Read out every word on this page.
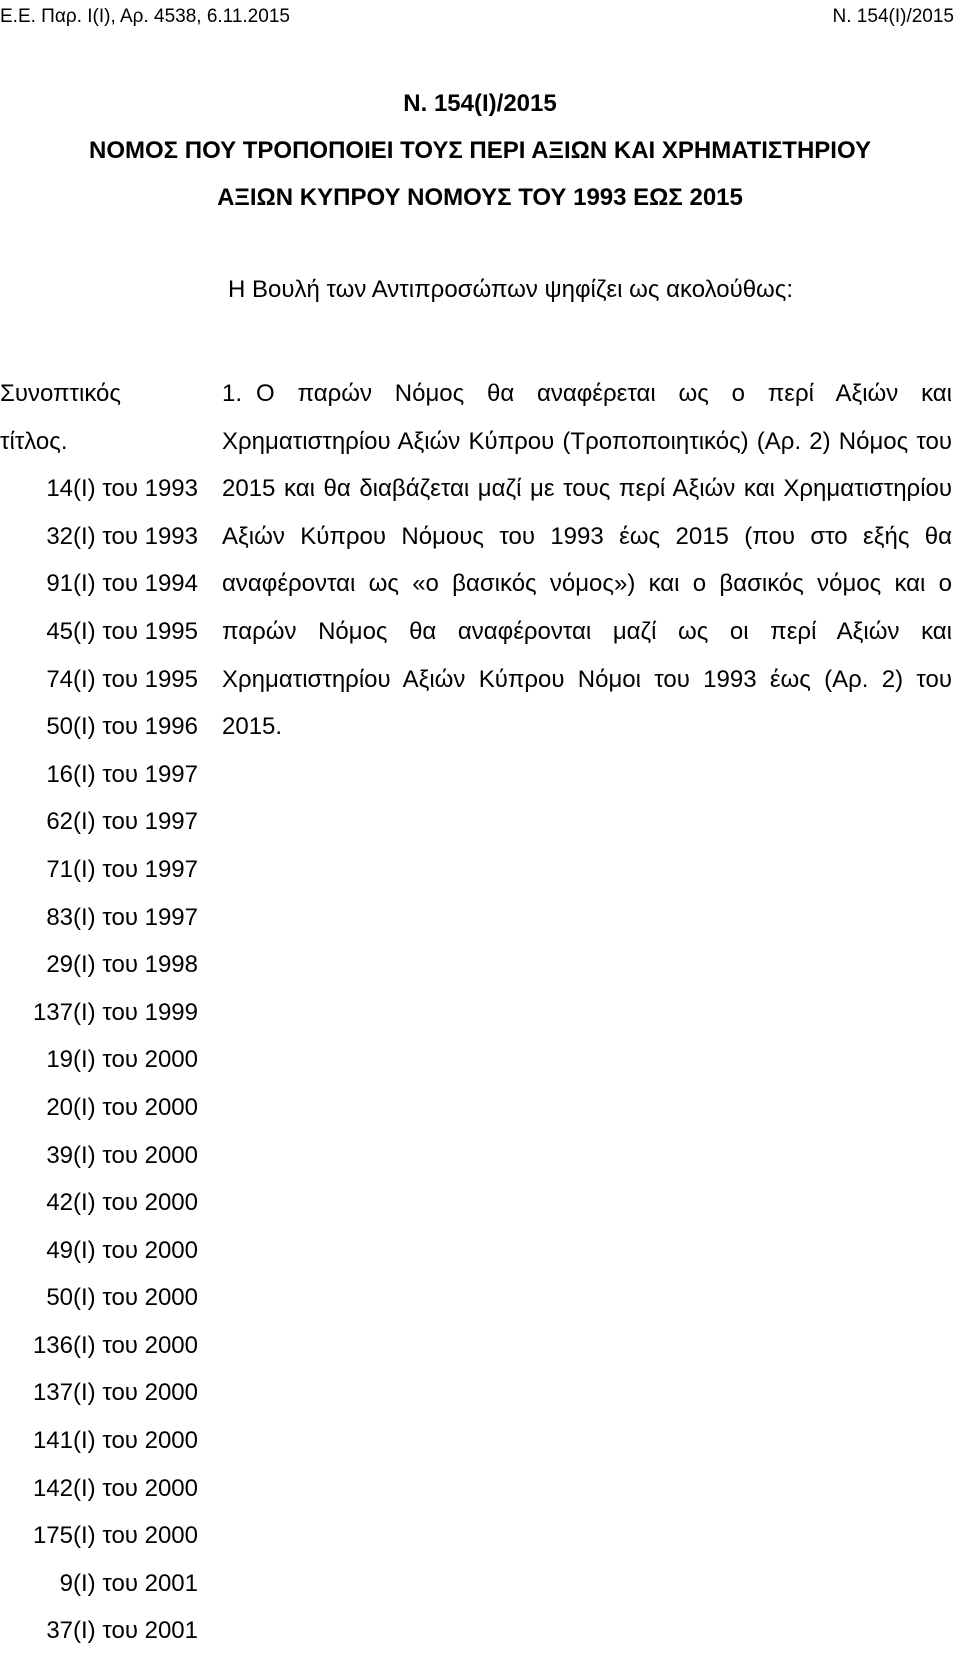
Ε.Ε. Παρ. Ι(Ι), Αρ. 4538, 6.11.2015	Ν. 154(Ι)/2015
Ν. 154(Ι)/2015
ΝΟΜΟΣ ΠΟΥ ΤΡΟΠΟΠΟΙΕΙ ΤΟΥΣ ΠΕΡΙ ΑΞΙΩΝ ΚΑΙ ΧΡΗΜΑΤΙΣΤΗΡΙΟΥ
ΑΞΙΩΝ ΚΥΠΡΟΥ ΝΟΜΟΥΣ ΤΟΥ 1993 ΕΩΣ 2015
Η Βουλή των Αντιπροσώπων ψηφίζει ως ακολούθως:
Συνοπτικός
τίτλος.
14(Ι) του 1993
32(Ι) του 1993
91(Ι) του 1994
45(Ι) του 1995
74(Ι) του 1995
50(Ι) του 1996
16(Ι) του 1997
62(Ι) του 1997
71(Ι) του 1997
83(Ι) του 1997
29(Ι) του 1998
137(Ι) του 1999
19(Ι) του 2000
20(Ι) του 2000
39(Ι) του 2000
42(Ι) του 2000
49(Ι) του 2000
50(Ι) του 2000
136(Ι) του 2000
137(Ι) του 2000
141(Ι) του 2000
142(Ι) του 2000
175(Ι) του 2000
9(Ι) του 2001
37(Ι) του 2001
1. Ο παρών Νόμος θα αναφέρεται ως ο περί Αξιών και Χρηματιστηρίου Αξιών Κύπρου (Τροποποιητικός) (Αρ. 2) Νόμος του 2015 και θα διαβάζεται μαζί με τους περί Αξιών και Χρηματιστηρίου Αξιών Κύπρου Νόμους του 1993 έως 2015 (που στο εξής θα αναφέρονται ως «ο βασικός νόμος») και ο βασικός νόμος και ο παρών Νόμος θα αναφέρονται μαζί ως οι περί Αξιών και Χρηματιστηρίου Αξιών Κύπρου Νόμοι του 1993 έως (Αρ. 2) του 2015.
